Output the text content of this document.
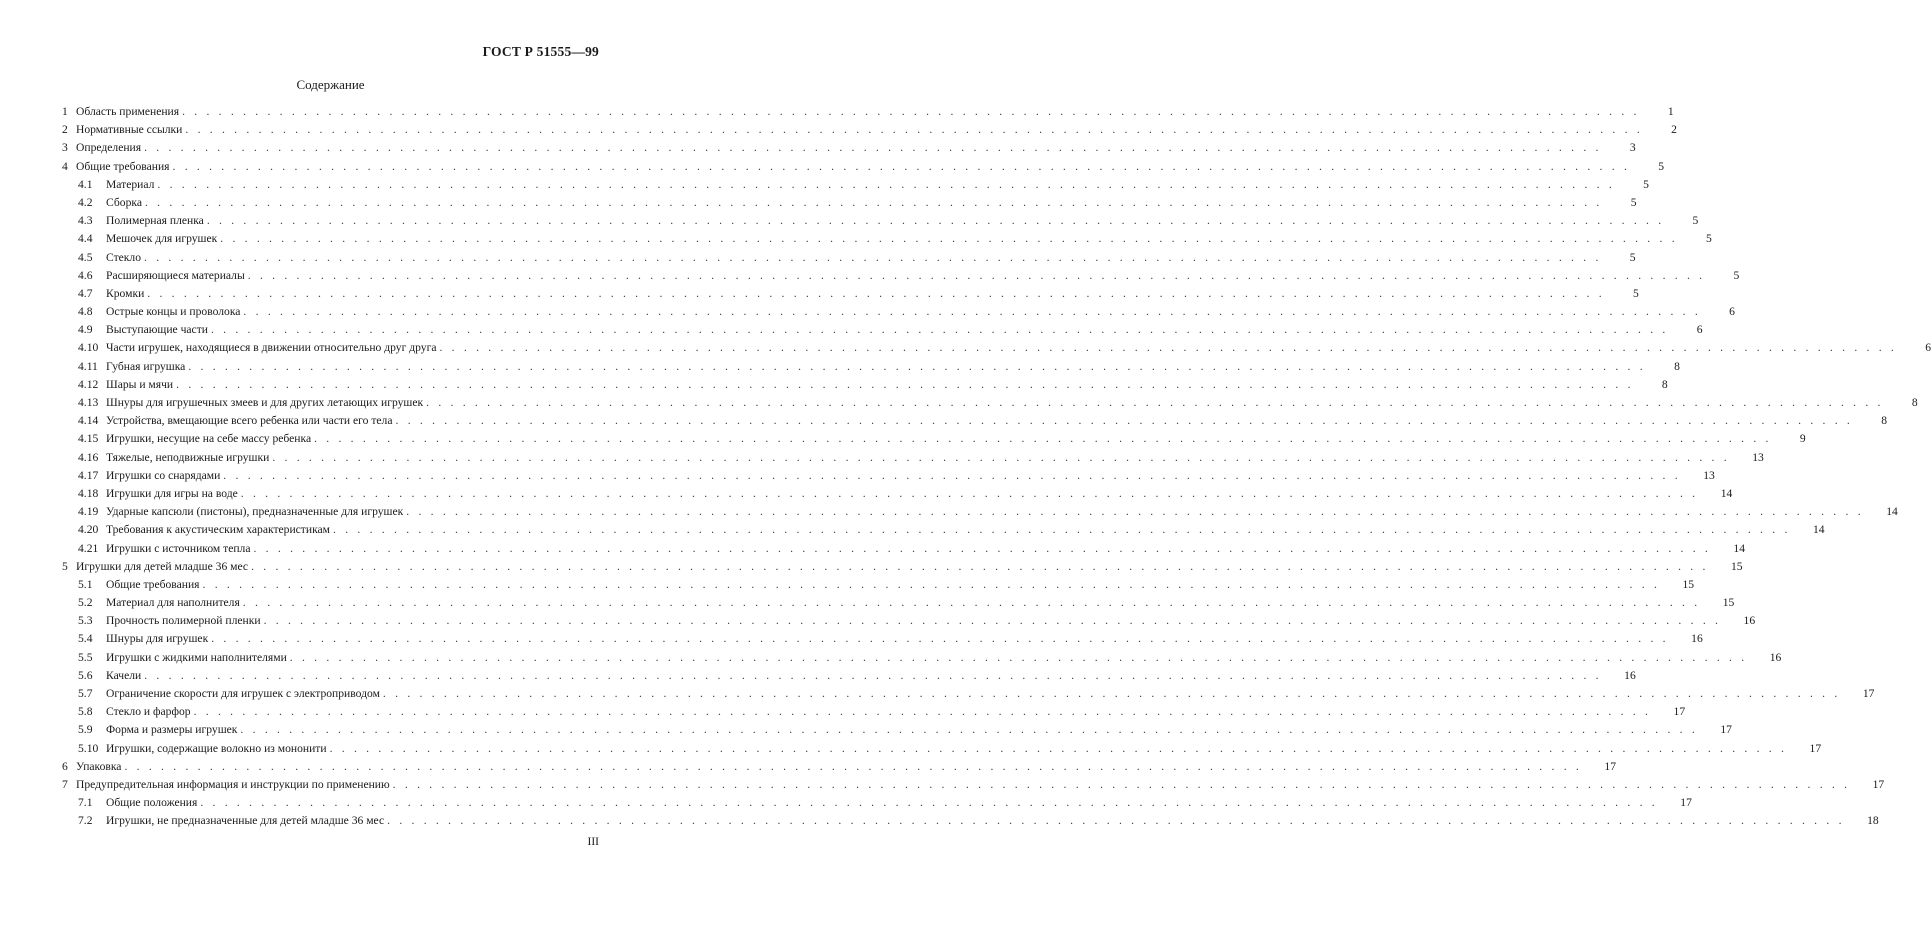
ГОСТ Р 51555—99
Содержание
1 Область применения . . . . . . . . . . . . . . . . . . . . . . . . . . . . . . . . . . . . . . . . . . . . . . . . . . . . . . . . . . . . . . . . . . . . . . . . . . . . . . . . . . . . . . . . . . . . . . . . . . . . . . . . . . . . . . . . . . . . . . . .	1
2 Нормативные ссылки . . . . . . . . . . . . . . . . . . . . . . . . . . . . . . . . . . . . . . . . . . . . . . . . . . . . . . . . . . . . . . . . . . . . . . . . . . . . . . . . . . . . . . . . . . . . . . . . . . . . . . . . . . . . . . . . . . . . . . . .	2
3 Определения . . . . . . . . . . . . . . . . . . . . . . . . . . . . . . . . . . . . . . . . . . . . . . . . . . . . . . . . . . . . . . . . . . . . . . . . . . . . . . . . . . . . . . . . . . . . . . . . . . . . . . . . . . . . . . . . . . . . . . . .	3
4 Общие требования . . . . . . . . . . . . . . . . . . . . . . . . . . . . . . . . . . . . . . . . . . . . . . . . . . . . . . . . . . . . . . . . . . . . . . . . . . . . . . . . . . . . . . . . . . . . . . . . . . . . . . . . . . . . . . . . . . . . . . . .	5
4.1	Материал . . . . . . . . . . . . . . . . . . . . . . . . . . . . . . . . . . . . . . . . . . . . . . . . . . . . . . . . . . . . . . . . . . . . . . . . . . . . . . . . . . . . . . . . . . . . . . . . . . . . . . . . . . . . . . . . . . . . . . . .	5
4.2	Сборка . . . . . . . . . . . . . . . . . . . . . . . . . . . . . . . . . . . . . . . . . . . . . . . . . . . . . . . . . . . . . . . . . . . . . . . . . . . . . . . . . . . . . . . . . . . . . . . . . . . . . . . . . . . . . . . . . . . . . . . .	5
4.3	Полимерная пленка . . . . . . . . . . . . . . . . . . . . . . . . . . . . . . . . . . . . . . . . . . . . . . . . . . . . . . . . . . . . . . . . . . . . . . . . . . . . . . . . . . . . . . . . . . . . . . . . . . . . . . . . . . . . . . . . . . . . . . . .	5
4.4	Мешочек для игрушек . . . . . . . . . . . . . . . . . . . . . . . . . . . . . . . . . . . . . . . . . . . . . . . . . . . . . . . . . . . . . . . . . . . . . . . . . . . . . . . . . . . . . . . . . . . . . . . . . . . . . . . . . . . . . . . . . . . . . . . .	5
4.5	Стекло . . . . . . . . . . . . . . . . . . . . . . . . . . . . . . . . . . . . . . . . . . . . . . . . . . . . . . . . . . . . . . . . . . . . . . . . . . . . . . . . . . . . . . . . . . . . . . . . . . . . . . . . . . . . . . . . . . . . . . . .	5
4.6	Расширяющиеся материалы . . . . . . . . . . . . . . . . . . . . . . . . . . . . . . . . . . . . . . . . . . . . . . . . . . . . . . . . . . . . . . . . . . . . . . . . . . . . . . . . . . . . . . . . . . . . . . . . . . . . . . . . . . . . . . . . . . . . . . . .	5
4.7	Кромки . . . . . . . . . . . . . . . . . . . . . . . . . . . . . . . . . . . . . . . . . . . . . . . . . . . . . . . . . . . . . . . . . . . . . . . . . . . . . . . . . . . . . . . . . . . . . . . . . . . . . . . . . . . . . . . . . . . . . . . .	5
4.8	Острые концы и проволока . . . . . . . . . . . . . . . . . . . . . . . . . . . . . . . . . . . . . . . . . . . . . . . . . . . . . . . . . . . . . . . . . . . . . . . . . . . . . . . . . . . . . . . . . . . . . . . . . . . . . . . . . . . . . . . . . . . . . . . .	6
4.9	Выступающие части . . . . . . . . . . . . . . . . . . . . . . . . . . . . . . . . . . . . . . . . . . . . . . . . . . . . . . . . . . . . . . . . . . . . . . . . . . . . . . . . . . . . . . . . . . . . . . . . . . . . . . . . . . . . . . . . . . . . . . . .	6
4.10 Части игрушек, находящиеся в движении относительно друг друга . . . . . . . . . . . . . . . . . . . . . . . . . . . . . . . . . . . . . . . . . . . . . . . . . . . . . . . . . . . . . . . . . . . . . . . . . . . . . . . . . . . . . . . . . . . . . . . . . . . . . . . . . . . . . . . . . . . . . . . .	6
4.11 Губная игрушка . . . . . . . . . . . . . . . . . . . . . . . . . . . . . . . . . . . . . . . . . . . . . . . . . . . . . . . . . . . . . . . . . . . . . . . . . . . . . . . . . . . . . . . . . . . . . . . . . . . . . . . . . . . . . . . . . . . . . . . .	8
4.12 Шары и мячи . . . . . . . . . . . . . . . . . . . . . . . . . . . . . . . . . . . . . . . . . . . . . . . . . . . . . . . . . . . . . . . . . . . . . . . . . . . . . . . . . . . . . . . . . . . . . . . . . . . . . . . . . . . . . . . . . . . . . . . .	8
4.13 Шнуры для игрушечных змеев и для других летающих игрушек . . . . . . . . . . . . . . . . . . . . . . . . . . . . . . . . . . . . . . . . . . . . . . . . . . . . . . . . . . . . . . . . . . . . . . . . . . . . . . . . . . . . . . . . . . . . . . . . . . . . . . . . . . . . . . . . . . . . . . . .	8
4.14 Устройства, вмещающие всего ребенка или части его тела . . . . . . . . . . . . . . . . . . . . . . . . . . . . . . . . . . . . . . . . . . . . . . . . . . . . . . . . . . . . . . . . . . . . . . . . . . . . . . . . . . . . . . . . . . . . . . . . . . . . . . . . . . . . . . . . . . . . . . . .	8
4.15 Игрушки, несущие на себе массу ребенка . . . . . . . . . . . . . . . . . . . . . . . . . . . . . . . . . . . . . . . . . . . . . . . . . . . . . . . . . . . . . . . . . . . . . . . . . . . . . . . . . . . . . . . . . . . . . . . . . . . . . . . . . . . . . . . . . . . . . . . .	9
4.16 Тяжелые, неподвижные игрушки . . . . . . . . . . . . . . . . . . . . . . . . . . . . . . . . . . . . . . . . . . . . . . . . . . . . . . . . . . . . . . . . . . . . . . . . . . . . . . . . . . . . . . . . . . . . . . . . . . . . . . . . . . . . . . . . . . . . . . . .	13
4.17 Игрушки со снарядами . . . . . . . . . . . . . . . . . . . . . . . . . . . . . . . . . . . . . . . . . . . . . . . . . . . . . . . . . . . . . . . . . . . . . . . . . . . . . . . . . . . . . . . . . . . . . . . . . . . . . . . . . . . . . . . . . . . . . . . .	13
4.18 Игрушки для игры на воде . . . . . . . . . . . . . . . . . . . . . . . . . . . . . . . . . . . . . . . . . . . . . . . . . . . . . . . . . . . . . . . . . . . . . . . . . . . . . . . . . . . . . . . . . . . . . . . . . . . . . . . . . . . . . . . . . . . . . . . .	14
4.19 Ударные капсюли (пистоны), предназначенные для игрушек . . . . . . . . . . . . . . . . . . . . . . . . . . . . . . . . . . . . . . . . . . . . . . . . . . . . . . . . . . . . . . . . . . . . . . . . . . . . . . . . . . . . . . . . . . . . . . . . . . . . . . . . . . . . . . . . . . . . . . . .	14
4.20 Требования к акустическим характеристикам . . . . . . . . . . . . . . . . . . . . . . . . . . . . . . . . . . . . . . . . . . . . . . . . . . . . . . . . . . . . . . . . . . . . . . . . . . . . . . . . . . . . . . . . . . . . . . . . . . . . . . . . . . . . . . . . . . . . . . . .	14
4.21 Игрушки с источником тепла . . . . . . . . . . . . . . . . . . . . . . . . . . . . . . . . . . . . . . . . . . . . . . . . . . . . . . . . . . . . . . . . . . . . . . . . . . . . . . . . . . . . . . . . . . . . . . . . . . . . . . . . . . . . . . . . . . . . . . . .	14
5 Игрушки для детей младше 36 мес . . . . . . . . . . . . . . . . . . . . . . . . . . . . . . . . . . . . . . . . . . . . . . . . . . . . . . . . . . . . . . . . . . . . . . . . . . . . . . . . . . . . . . . . . . . . . . . . . . . . . . . . . . . . . . . . . . . . . . . .	15
5.1	Общие требования . . . . . . . . . . . . . . . . . . . . . . . . . . . . . . . . . . . . . . . . . . . . . . . . . . . . . . . . . . . . . . . . . . . . . . . . . . . . . . . . . . . . . . . . . . . . . . . . . . . . . . . . . . . . . . . . . . . . . . . .	15
5.2	Материал для наполнителя . . . . . . . . . . . . . . . . . . . . . . . . . . . . . . . . . . . . . . . . . . . . . . . . . . . . . . . . . . . . . . . . . . . . . . . . . . . . . . . . . . . . . . . . . . . . . . . . . . . . . . . . . . . . . . . . . . . . . . . .	15
5.3	Прочность полимерной пленки . . . . . . . . . . . . . . . . . . . . . . . . . . . . . . . . . . . . . . . . . . . . . . . . . . . . . . . . . . . . . . . . . . . . . . . . . . . . . . . . . . . . . . . . . . . . . . . . . . . . . . . . . . . . . . . . . . . . . . . .	16
5.4	Шнуры для игрушек . . . . . . . . . . . . . . . . . . . . . . . . . . . . . . . . . . . . . . . . . . . . . . . . . . . . . . . . . . . . . . . . . . . . . . . . . . . . . . . . . . . . . . . . . . . . . . . . . . . . . . . . . . . . . . . . . . . . . . . .	16
5.5	Игрушки с жидкими наполнителями . . . . . . . . . . . . . . . . . . . . . . . . . . . . . . . . . . . . . . . . . . . . . . . . . . . . . . . . . . . . . . . . . . . . . . . . . . . . . . . . . . . . . . . . . . . . . . . . . . . . . . . . . . . . . . . . . . . . . . . .	16
5.6	Качели . . . . . . . . . . . . . . . . . . . . . . . . . . . . . . . . . . . . . . . . . . . . . . . . . . . . . . . . . . . . . . . . . . . . . . . . . . . . . . . . . . . . . . . . . . . . . . . . . . . . . . . . . . . . . . . . . . . . . . . .	16
5.7	Ограничение скорости для игрушек с электроприводом . . . . . . . . . . . . . . . . . . . . . . . . . . . . . . . . . . . . . . . . . . . . . . . . . . . . . . . . . . . . . . . . . . . . . . . . . . . . . . . . . . . . . . . . . . . . . . . . . . . . . . . . . . . . . . . . . . . . . . . .	17
5.8	Стекло и фарфор . . . . . . . . . . . . . . . . . . . . . . . . . . . . . . . . . . . . . . . . . . . . . . . . . . . . . . . . . . . . . . . . . . . . . . . . . . . . . . . . . . . . . . . . . . . . . . . . . . . . . . . . . . . . . . . . . . . . . . . .	17
5.9	Форма и размеры игрушек . . . . . . . . . . . . . . . . . . . . . . . . . . . . . . . . . . . . . . . . . . . . . . . . . . . . . . . . . . . . . . . . . . . . . . . . . . . . . . . . . . . . . . . . . . . . . . . . . . . . . . . . . . . . . . . . . . . . . . . .	17
5.10 Игрушки, содержащие волокно из мононити . . . . . . . . . . . . . . . . . . . . . . . . . . . . . . . . . . . . . . . . . . . . . . . . . . . . . . . . . . . . . . . . . . . . . . . . . . . . . . . . . . . . . . . . . . . . . . . . . . . . . . . . . . . . . . . . . . . . . . . .	17
6 Упаковка . . . . . . . . . . . . . . . . . . . . . . . . . . . . . . . . . . . . . . . . . . . . . . . . . . . . . . . . . . . . . . . . . . . . . . . . . . . . . . . . . . . . . . . . . . . . . . . . . . . . . . . . . . . . . . . . . . . . . . . .	17
7 Предупредительная информация и инструкции по применению . . . . . . . . . . . . . . . . . . . . . . . . . . . . . . . . . . . . . . . . . . . . . . . . . . . . . . . . . . . . . . . . . . . . . . . . . . . . . . . . . . . . . . . . . . . . . . . . . . . . . . . . . . . . . . . . . . . . . . . .	17
7.1	Общие положения . . . . . . . . . . . . . . . . . . . . . . . . . . . . . . . . . . . . . . . . . . . . . . . . . . . . . . . . . . . . . . . . . . . . . . . . . . . . . . . . . . . . . . . . . . . . . . . . . . . . . . . . . . . . . . . . . . . . . . . .	17
7.2	Игрушки, не предназначенные для детей младше 36 мес . . . . . . . . . . . . . . . . . . . . . . . . . . . . . . . . . . . . . . . . . . . . . . . . . . . . . . . . . . . . . . . . . . . . . . . . . . . . . . . . . . . . . . . . . . . . . . . . . . . . . . . . . . . . . . . . . . . . . . . .	18
III
